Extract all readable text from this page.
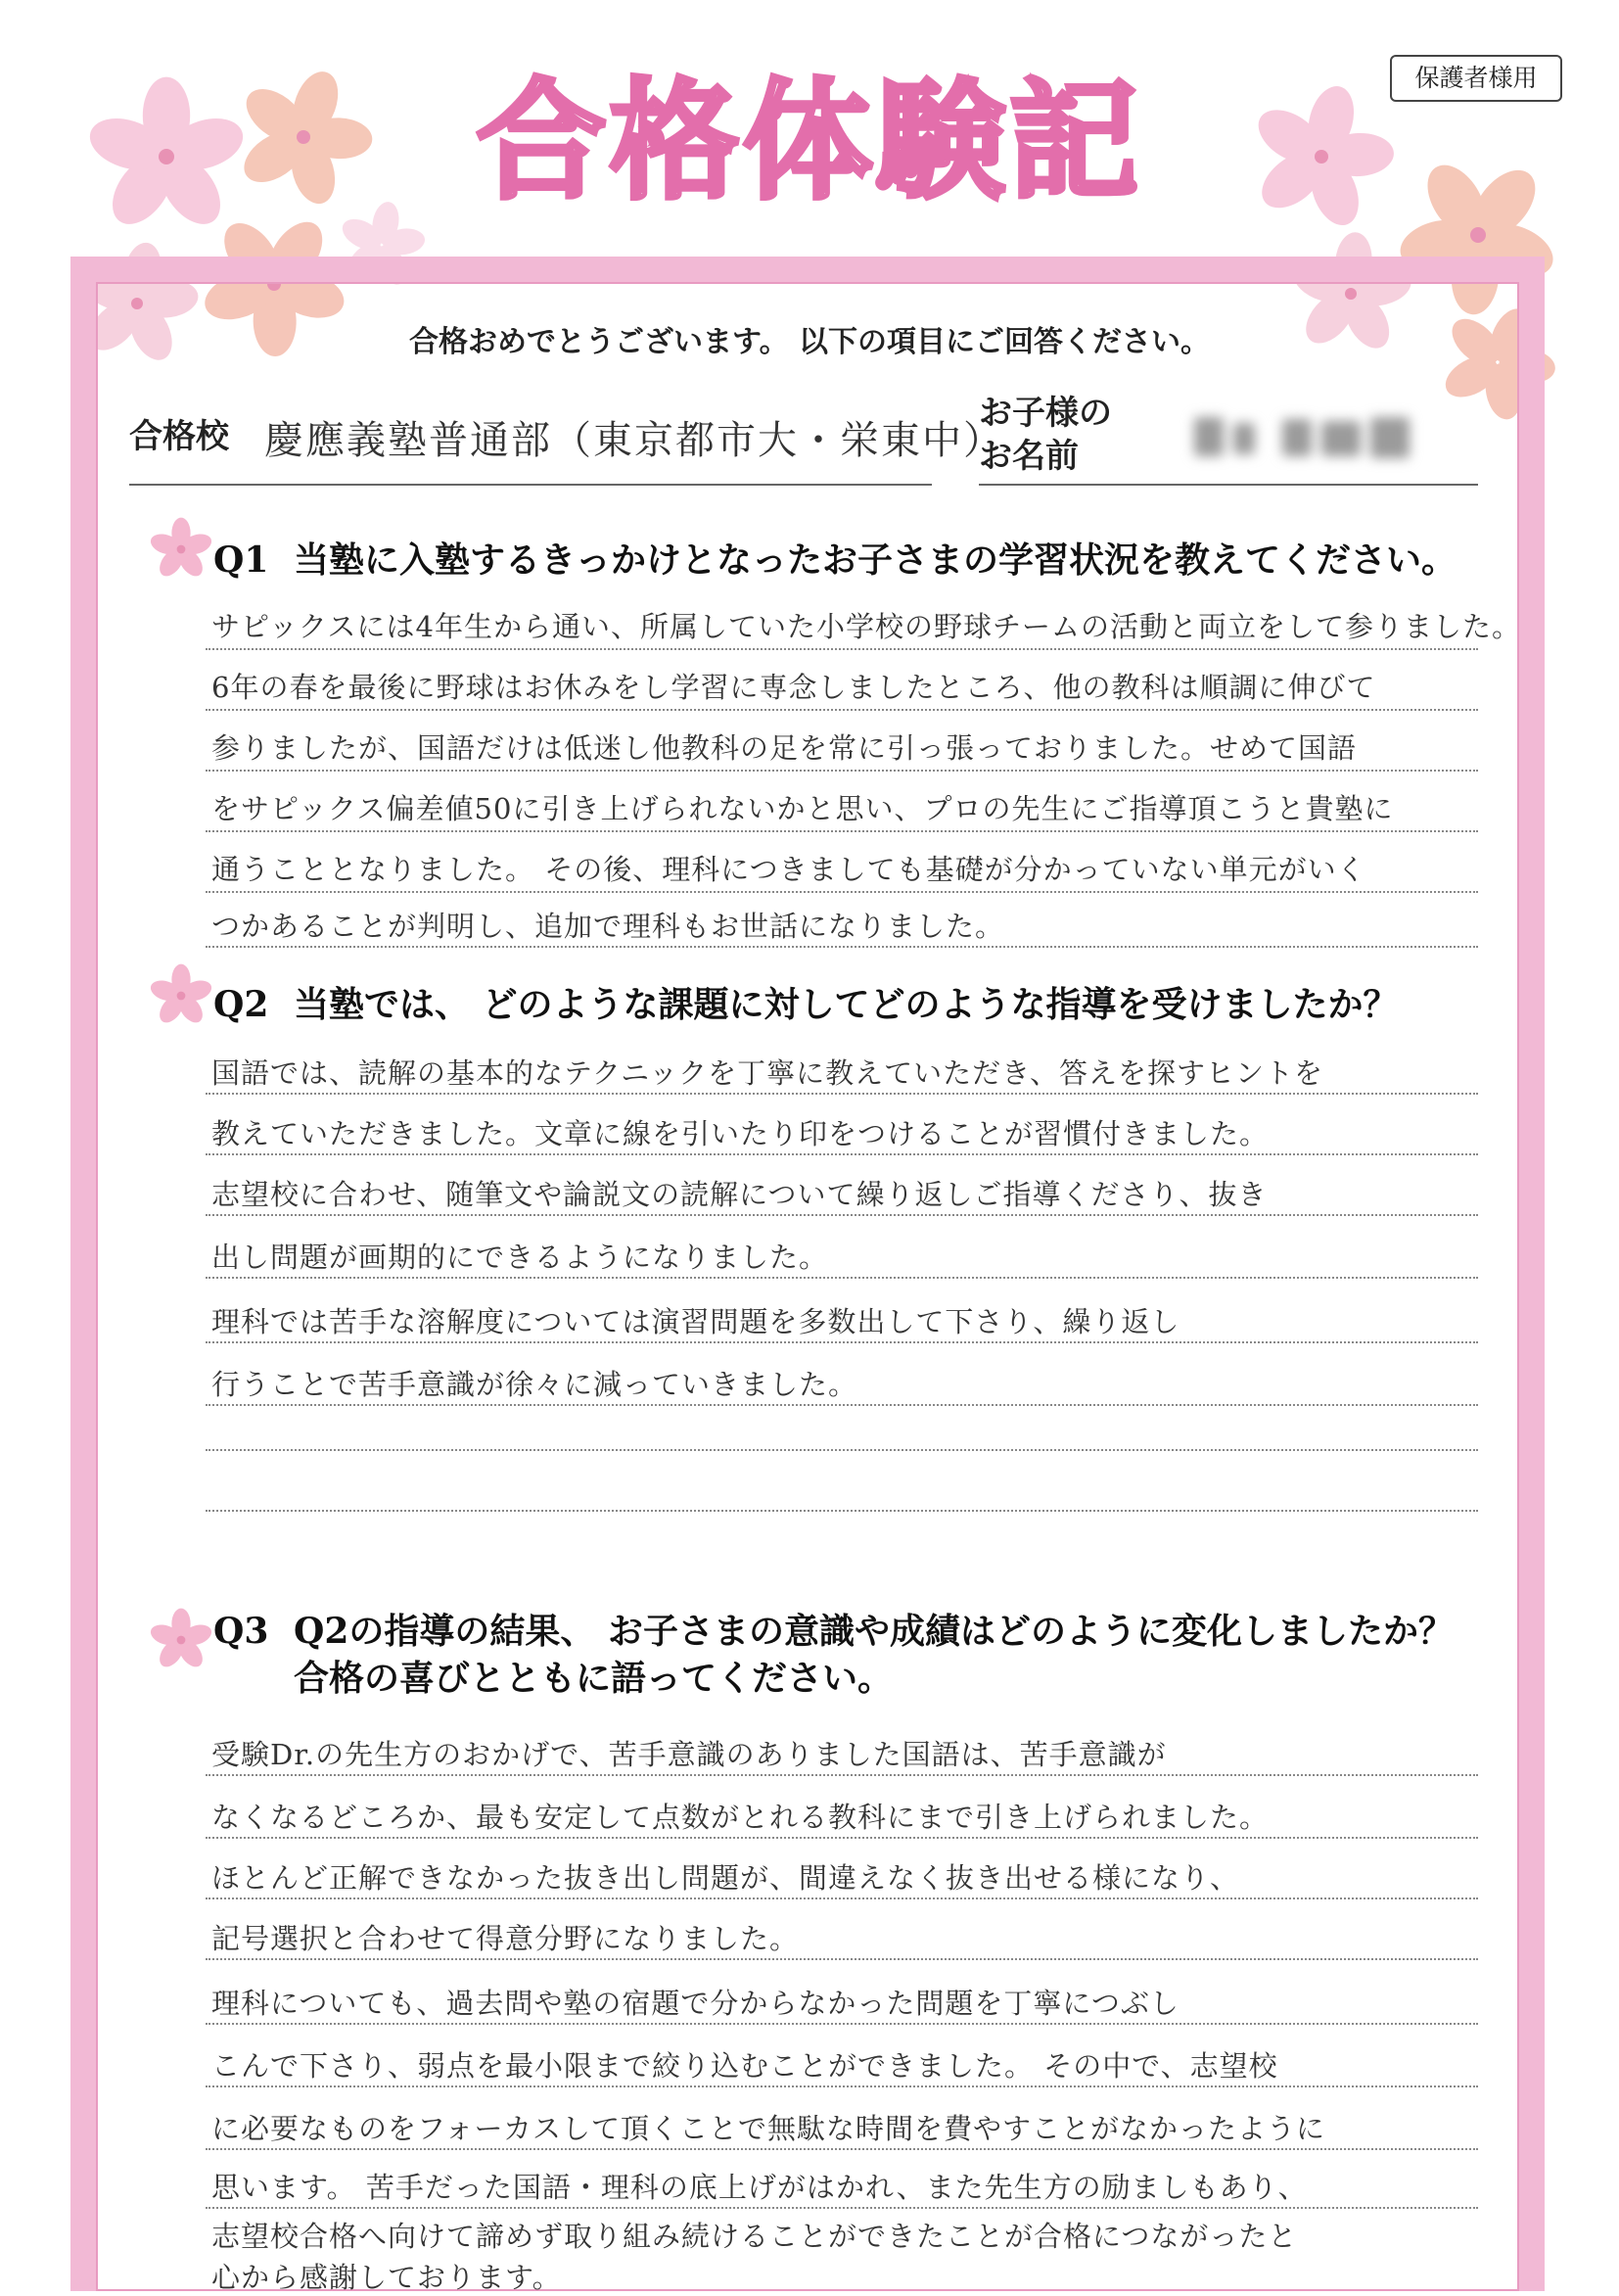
保護者様用
合格体験記
合格おめでとうございます。 以下の項目にご回答ください。
合格校 慶應義塾普通部（東京都市大・栄東中）
お子様の
お名前
Q1 当塾に入塾するきっかけとなったお子さまの学習状況を教えてください。
サピックスには4年生から通い、所属していた小学校の野球チームの活動と両立をして参りました。
6年の春を最後に野球はお休みをし学習に専念しましたところ、他の教科は順調に伸びて
参りましたが、国語だけは低迷し他教科の足を常に引っ張っておりました。せめて国語
をサピックス偏差値50に引き上げられないかと思い、プロの先生にご指導頂こうと貴塾に
通うこととなりました。 その後、理科につきましても基礎が分かっていない単元がいく
つかあることが判明し、追加で理科もお世話になりました。
Q2 当塾では、 どのような課題に対してどのような指導を受けましたか？
国語では、読解の基本的なテクニックを丁寧に教えていただき、答えを探すヒントを
教えていただきました。文章に線を引いたり印をつけることが習慣付きました。
志望校に合わせ、随筆文や論説文の読解について繰り返しご指導くださり、抜き
出し問題が画期的にできるようになりました。
理科では苦手な溶解度については演習問題を多数出して下さり、繰り返し
行うことで苦手意識が徐々に減っていきました。
Q3 Q2の指導の結果、 お子さまの意識や成績はどのように変化しましたか？
合格の喜びとともに語ってください。
受験Dr.の先生方のおかげで、苦手意識のありました国語は、苦手意識が
なくなるどころか、最も安定して点数がとれる教科にまで引き上げられました。
ほとんど正解できなかった抜き出し問題が、間違えなく抜き出せる様になり、
記号選択と合わせて得意分野になりました。
理科についても、過去問や塾の宿題で分からなかった問題を丁寧につぶし
こんで下さり、弱点を最小限まで絞り込むことができました。 その中で、志望校
に必要なものをフォーカスして頂くことで無駄な時間を費やすことがなかったように
思います。 苦手だった国語・理科の底上げがはかれ、また先生方の励ましもあり、
志望校合格へ向けて諦めず取り組み続けることができたことが合格につながったと
心から感謝しております。
